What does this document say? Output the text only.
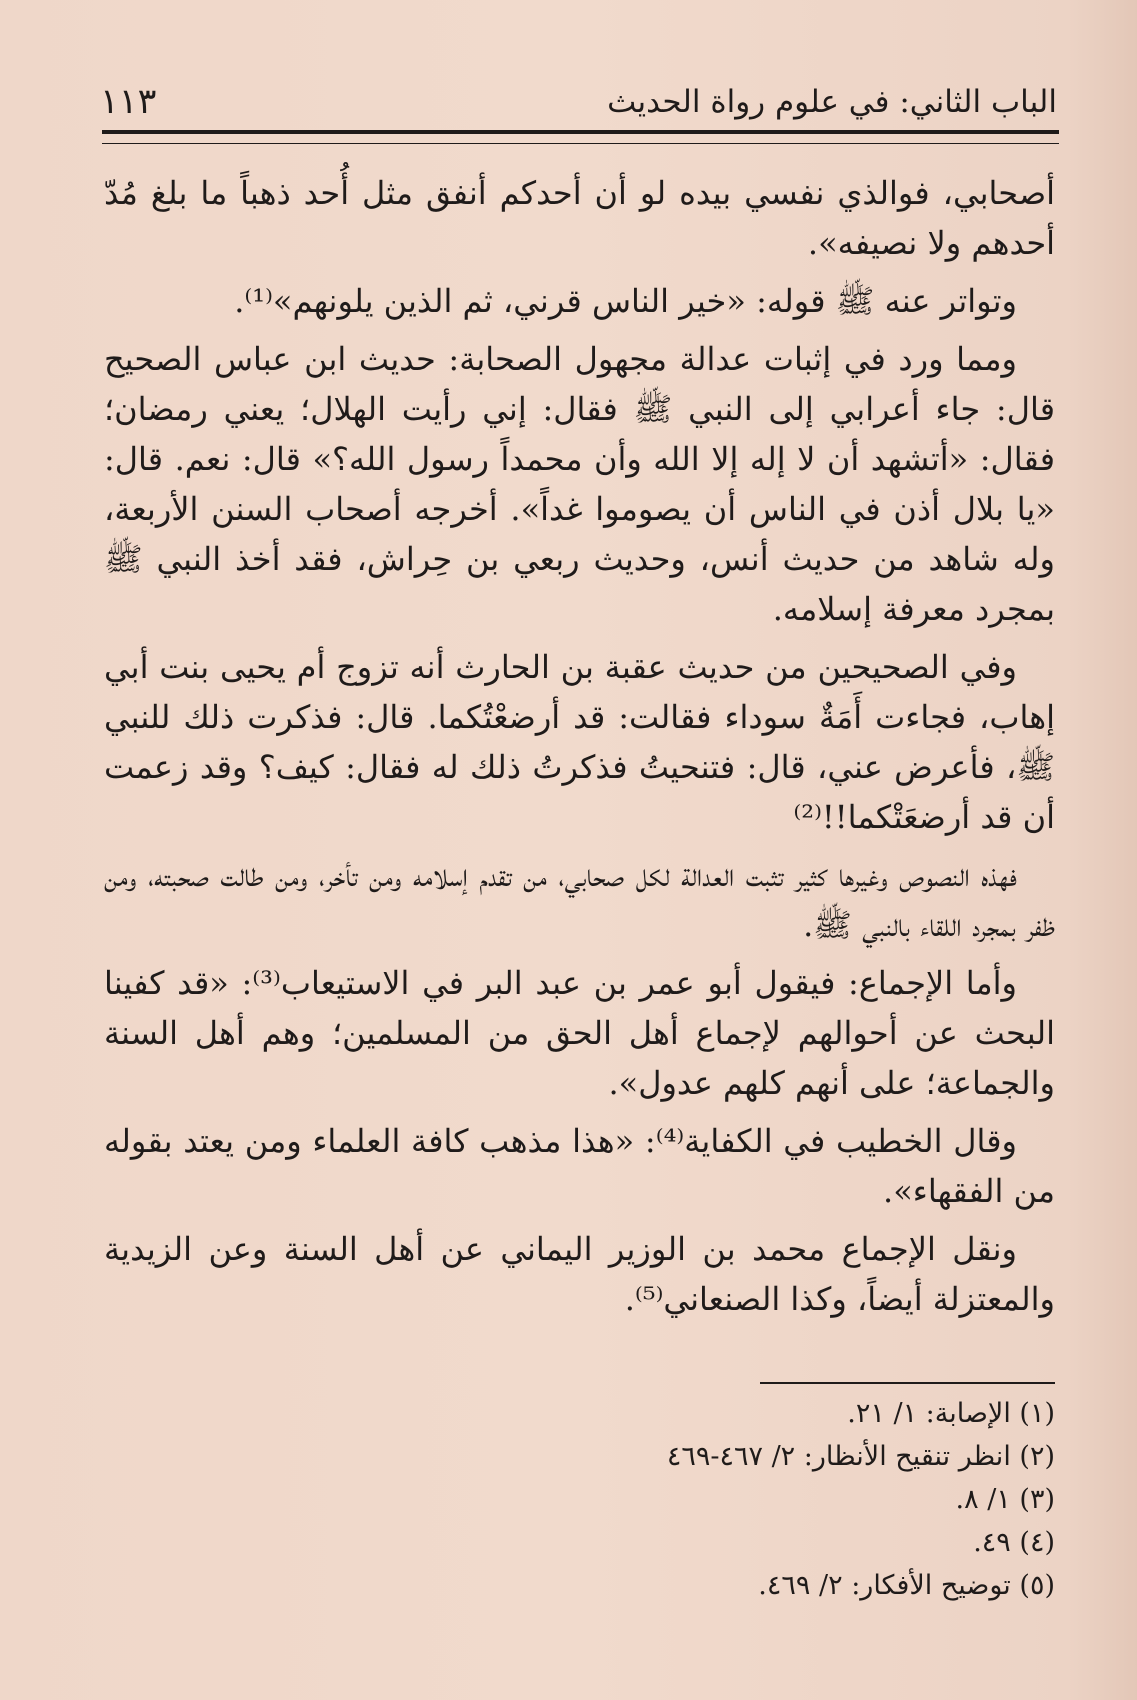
الباب الثاني: في علوم رواة الحديث
١١٣

أصحابي، فوالذي نفسي بيده لو أن أحدكم أنفق مثل أُحد ذهباً ما بلغ مُدّ أحدهم ولا نصيفه».

وتواتر عنه ﷺ قوله: «خير الناس قرني، ثم الذين يلونهم»⁽¹⁾.

ومما ورد في إثبات عدالة مجهول الصحابة: حديث ابن عباس الصحيح قال: جاء أعرابي إلى النبي ﷺ فقال: إني رأيت الهلال؛ يعني رمضان؛ فقال: «أتشهد أن لا إله إلا الله وأن محمداً رسول الله؟» قال: نعم. قال: «يا بلال أذن في الناس أن يصوموا غداً». أخرجه أصحاب السنن الأربعة، وله شاهد من حديث أنس، وحديث ربعي بن حِراش، فقد أخذ النبي ﷺ بمجرد معرفة إسلامه.

وفي الصحيحين من حديث عقبة بن الحارث أنه تزوج أم يحيى بنت أبي إهاب، فجاءت أَمَةٌ سوداء فقالت: قد أرضعْتُكما. قال: فذكرت ذلك للنبي ﷺ، فأعرض عني، قال: فتنحيتُ فذكرتُ ذلك له فقال: كيف؟ وقد زعمت أن قد أرضعَتْكما!!⁽²⁾

فهذه النصوص وغيرها كثير تثبت العدالة لكل صحابي، من تقدم إسلامه ومن تأخر، ومن طالت صحبته، ومن ظفر بمجرد اللقاء بالنبي ﷺ.

وأما الإجماع: فيقول أبو عمر بن عبد البر في الاستيعاب⁽³⁾: «قد كفينا البحث عن أحوالهم لإجماع أهل الحق من المسلمين؛ وهم أهل السنة والجماعة؛ على أنهم كلهم عدول».

وقال الخطيب في الكفاية⁽⁴⁾: «هذا مذهب كافة العلماء ومن يعتد بقوله من الفقهاء».

ونقل الإجماع محمد بن الوزير اليماني عن أهل السنة وعن الزيدية والمعتزلة أيضاً، وكذا الصنعاني⁽⁵⁾.

(١) الإصابة: ١/ ٢١.

(٢) انظر تنقيح الأنظار: ٢/ ٤٦٧-٤٦٩

(٣) ١/ ٨.

(٤) ٤٩.

(٥) توضيح الأفكار: ٢/ ٤٦٩.
